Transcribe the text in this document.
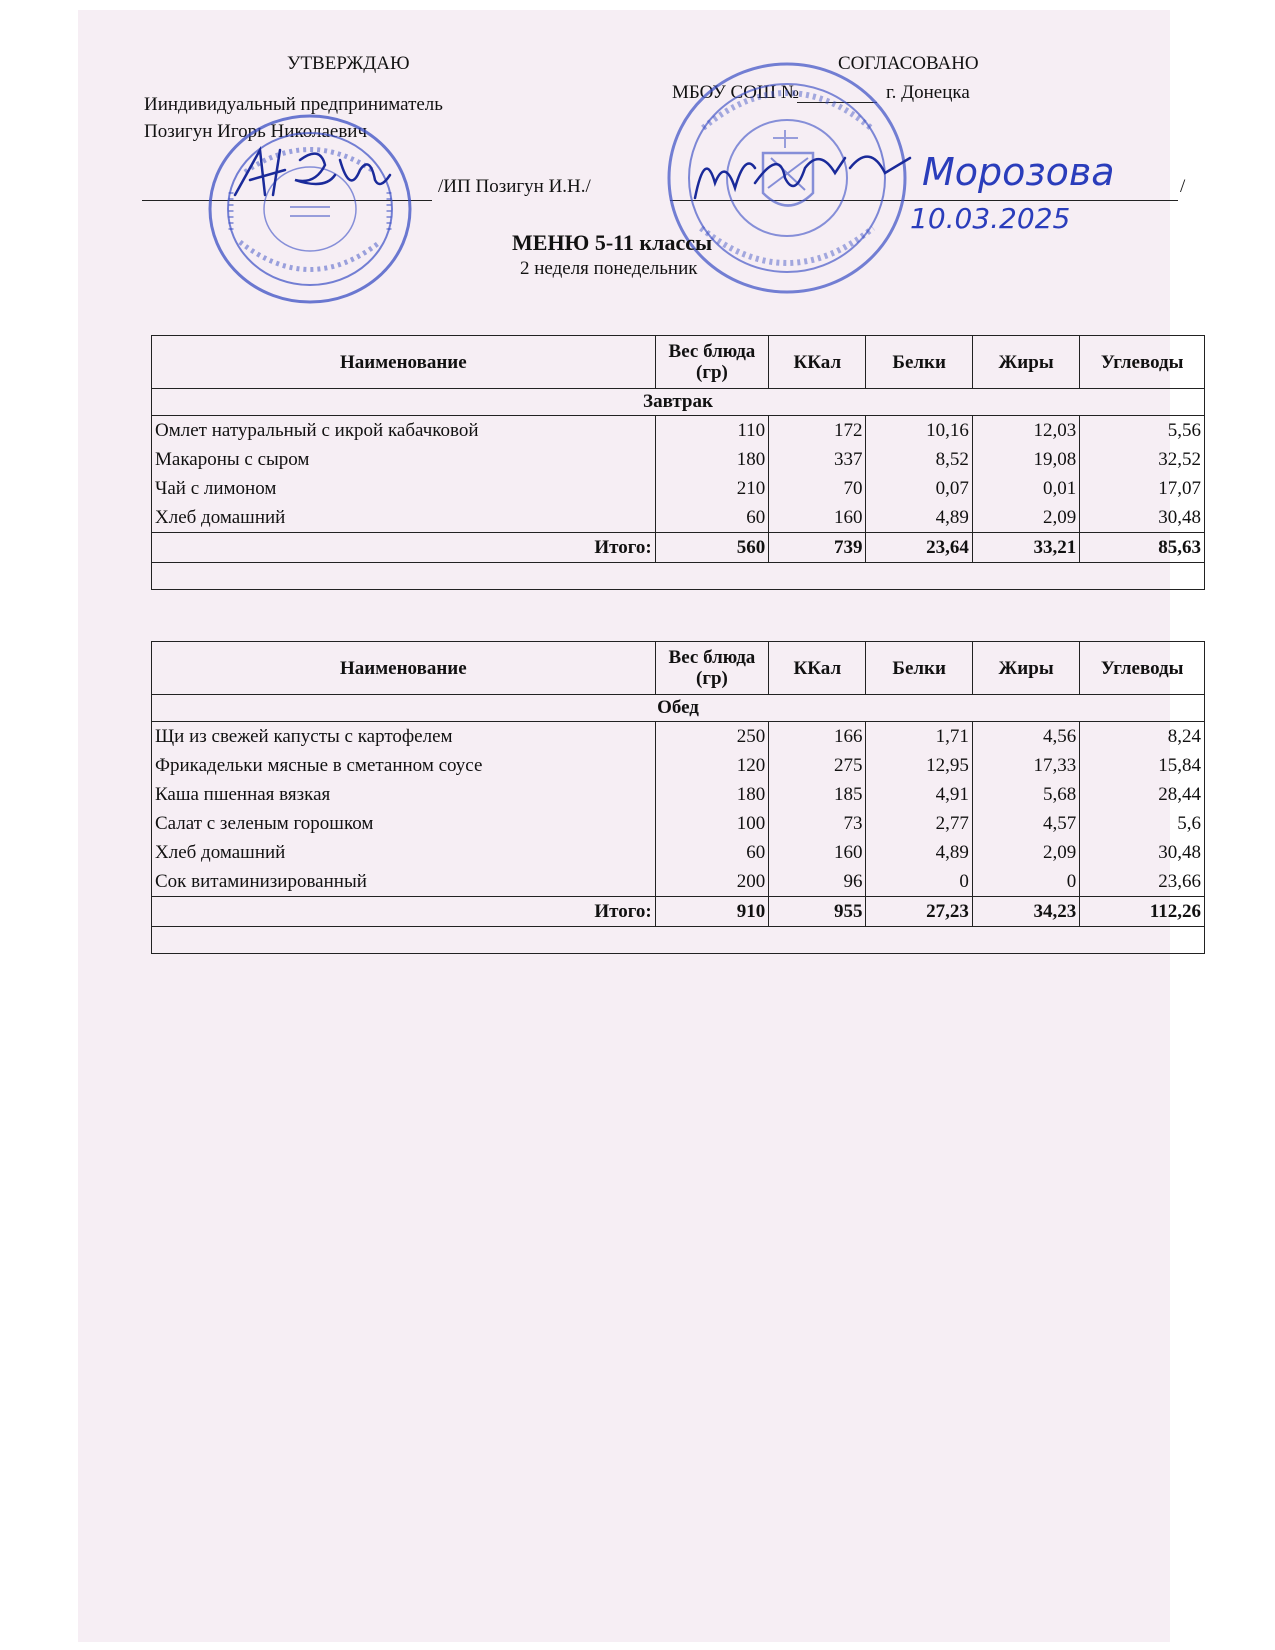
УТВЕРЖДАЮ	СОГЛАСОВАНО
Ииндивидуальный предприниматель
Позигун Игорь Николаевич
МБОУ СОШ №	г. Донецка
/ИП Позигун И.Н./	/
Морозова
10.03.2025
МЕНЮ 5-11 классы
2 неделя понедельник
Наименование	Вес блюда (гр)	ККал	Белки	Жиры	Углеводы
Завтрак					
Омлет натуральный с икрой кабачковой	110	172	10,16	12,03	5,56
Макароны с сыром	180	337	8,52	19,08	32,52
Чай с лимоном	210	70	0,07	0,01	17,07
Хлеб домашний	60	160	4,89	2,09	30,48
Итого:	560	739	23,64	33,21	85,63

Наименование	Вес блюда (гр)	ККал	Белки	Жиры	Углеводы
Обед					
Щи из свежей капусты с картофелем	250	166	1,71	4,56	8,24
Фрикадельки мясные в сметанном соусе	120	275	12,95	17,33	15,84
Каша пшенная вязкая	180	185	4,91	5,68	28,44
Салат с зеленым горошком	100	73	2,77	4,57	5,6
Хлеб домашний	60	160	4,89	2,09	30,48
Сок витаминизированный	200	96	0	0	23,66
Итого:	910	955	27,23	34,23	112,26
